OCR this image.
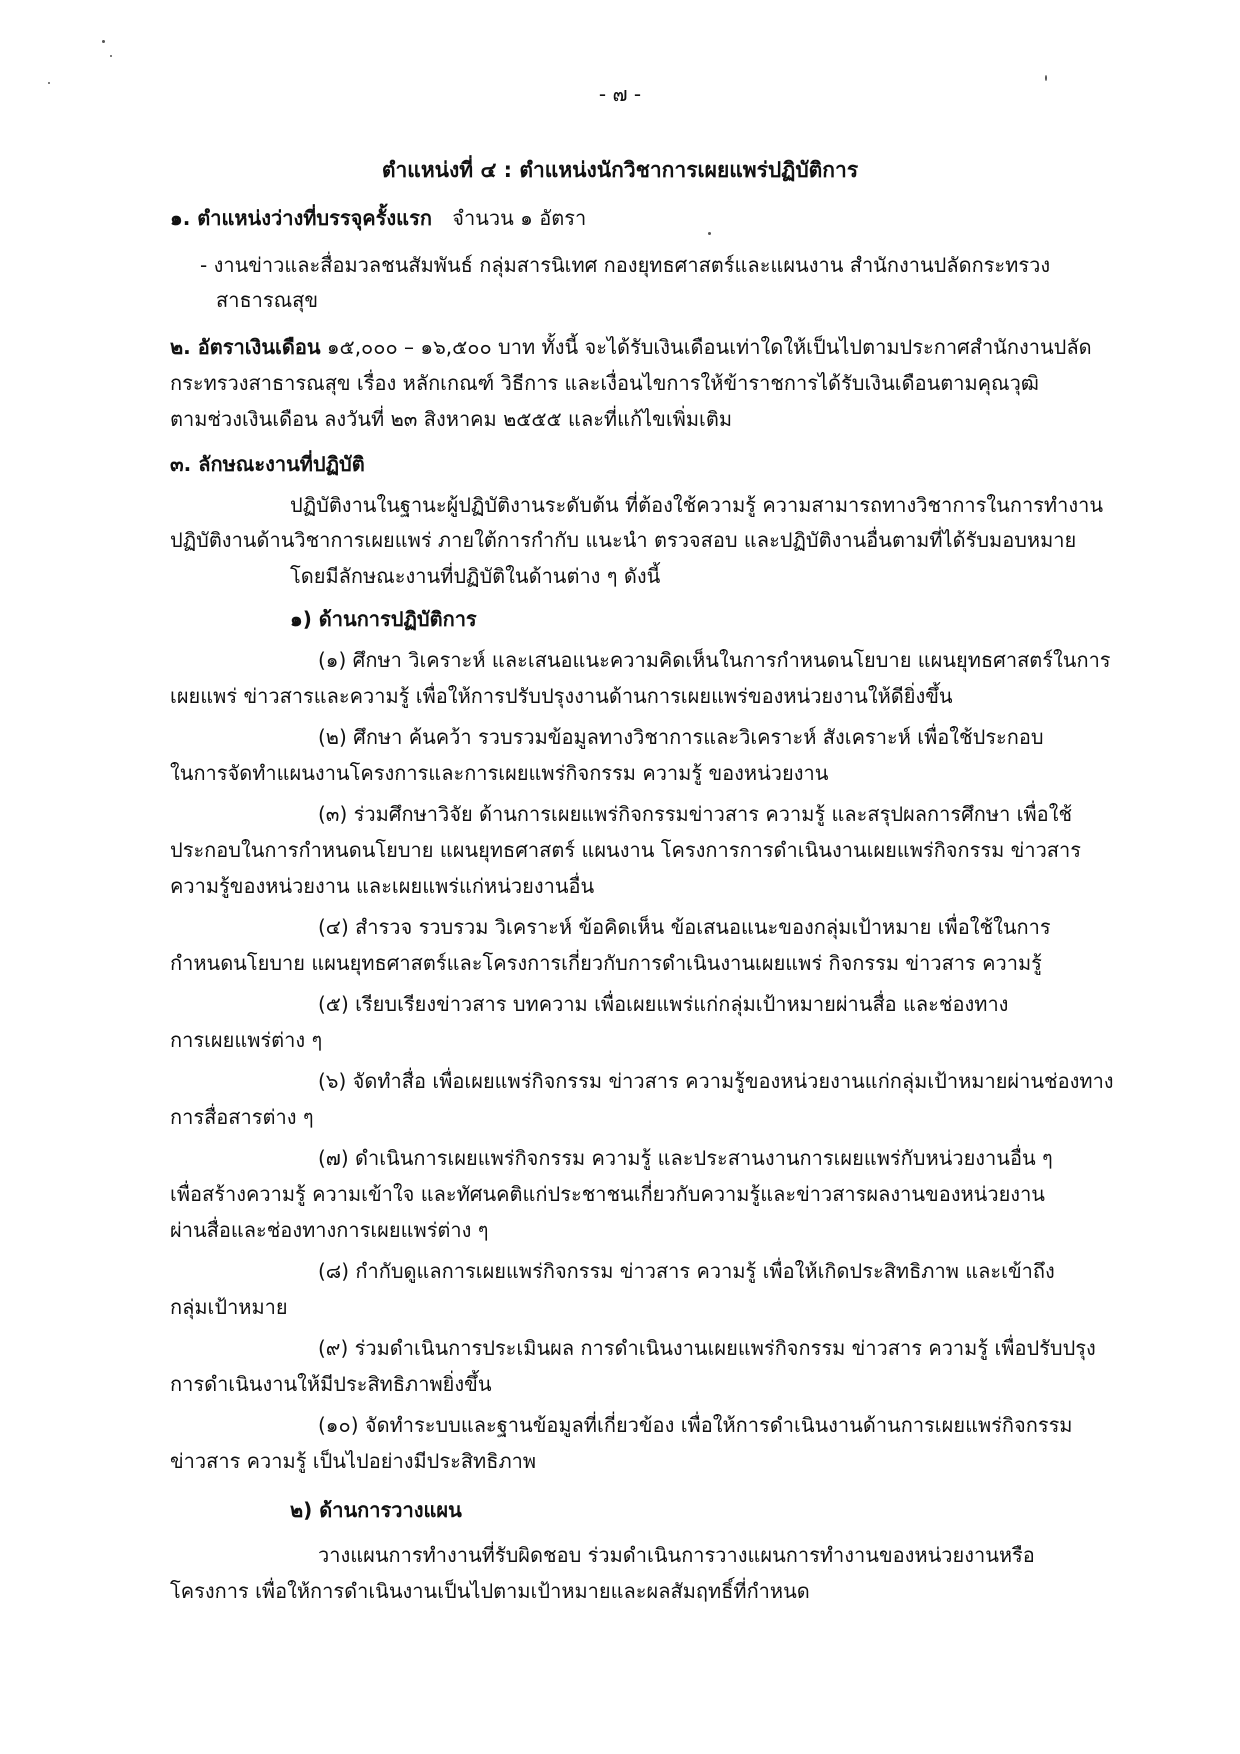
- ๗ -
ตำแหน่งที่ ๔ : ตำแหน่งนักวิชาการเผยแพร่ปฏิบัติการ
๑. ตำแหน่งว่างที่บรรจุครั้งแรก จำนวน ๑ อัตรา
- งานข่าวและสื่อมวลชนสัมพันธ์ กลุ่มสารนิเทศ กองยุทธศาสตร์และแผนงาน สำนักงานปลัดกระทรวง
สาธารณสุข
๒. อัตราเงินเดือน ๑๕,๐๐๐ – ๑๖,๕๐๐ บาท ทั้งนี้ จะได้รับเงินเดือนเท่าใดให้เป็นไปตามประกาศสำนักงานปลัด
กระทรวงสาธารณสุข เรื่อง หลักเกณฑ์ วิธีการ และเงื่อนไขการให้ข้าราชการได้รับเงินเดือนตามคุณวุฒิ
ตามช่วงเงินเดือน ลงวันที่ ๒๓ สิงหาคม ๒๕๕๕ และที่แก้ไขเพิ่มเติม
๓. ลักษณะงานที่ปฏิบัติ
ปฏิบัติงานในฐานะผู้ปฏิบัติงานระดับต้น ที่ต้องใช้ความรู้ ความสามารถทางวิชาการในการทำงาน
ปฏิบัติงานด้านวิชาการเผยแพร่ ภายใต้การกำกับ แนะนำ ตรวจสอบ และปฏิบัติงานอื่นตามที่ได้รับมอบหมาย
โดยมีลักษณะงานที่ปฏิบัติในด้านต่าง ๆ ดังนี้
๑) ด้านการปฏิบัติการ
(๑) ศึกษา วิเคราะห์ และเสนอแนะความคิดเห็นในการกำหนดนโยบาย แผนยุทธศาสตร์ในการ
เผยแพร่ ข่าวสารและความรู้ เพื่อให้การปรับปรุงงานด้านการเผยแพร่ของหน่วยงานให้ดียิ่งขึ้น
(๒) ศึกษา ค้นคว้า รวบรวมข้อมูลทางวิชาการและวิเคราะห์ สังเคราะห์ เพื่อใช้ประกอบ
ในการจัดทำแผนงานโครงการและการเผยแพร่กิจกรรม ความรู้ ของหน่วยงาน
(๓) ร่วมศึกษาวิจัย ด้านการเผยแพร่กิจกรรมข่าวสาร ความรู้ และสรุปผลการศึกษา เพื่อใช้
ประกอบในการกำหนดนโยบาย แผนยุทธศาสตร์ แผนงาน โครงการการดำเนินงานเผยแพร่กิจกรรม ข่าวสาร
ความรู้ของหน่วยงาน และเผยแพร่แก่หน่วยงานอื่น
(๔) สำรวจ รวบรวม วิเคราะห์ ข้อคิดเห็น ข้อเสนอแนะของกลุ่มเป้าหมาย เพื่อใช้ในการ
กำหนดนโยบาย แผนยุทธศาสตร์และโครงการเกี่ยวกับการดำเนินงานเผยแพร่ กิจกรรม ข่าวสาร ความรู้
(๕) เรียบเรียงข่าวสาร บทความ เพื่อเผยแพร่แก่กลุ่มเป้าหมายผ่านสื่อ และช่องทาง
การเผยแพร่ต่าง ๆ
(๖) จัดทำสื่อ เพื่อเผยแพร่กิจกรรม ข่าวสาร ความรู้ของหน่วยงานแก่กลุ่มเป้าหมายผ่านช่องทาง
การสื่อสารต่าง ๆ
(๗) ดำเนินการเผยแพร่กิจกรรม ความรู้ และประสานงานการเผยแพร่กับหน่วยงานอื่น ๆ
เพื่อสร้างความรู้ ความเข้าใจ และทัศนคติแก่ประชาชนเกี่ยวกับความรู้และข่าวสารผลงานของหน่วยงาน
ผ่านสื่อและช่องทางการเผยแพร่ต่าง ๆ
(๘) กำกับดูแลการเผยแพร่กิจกรรม ข่าวสาร ความรู้ เพื่อให้เกิดประสิทธิภาพ และเข้าถึง
กลุ่มเป้าหมาย
(๙) ร่วมดำเนินการประเมินผล การดำเนินงานเผยแพร่กิจกรรม ข่าวสาร ความรู้ เพื่อปรับปรุง
การดำเนินงานให้มีประสิทธิภาพยิ่งขึ้น
(๑๐) จัดทำระบบและฐานข้อมูลที่เกี่ยวข้อง เพื่อให้การดำเนินงานด้านการเผยแพร่กิจกรรม
ข่าวสาร ความรู้ เป็นไปอย่างมีประสิทธิภาพ
๒) ด้านการวางแผน
วางแผนการทำงานที่รับผิดชอบ ร่วมดำเนินการวางแผนการทำงานของหน่วยงานหรือ
โครงการ เพื่อให้การดำเนินงานเป็นไปตามเป้าหมายและผลสัมฤทธิ์ที่กำหนด
